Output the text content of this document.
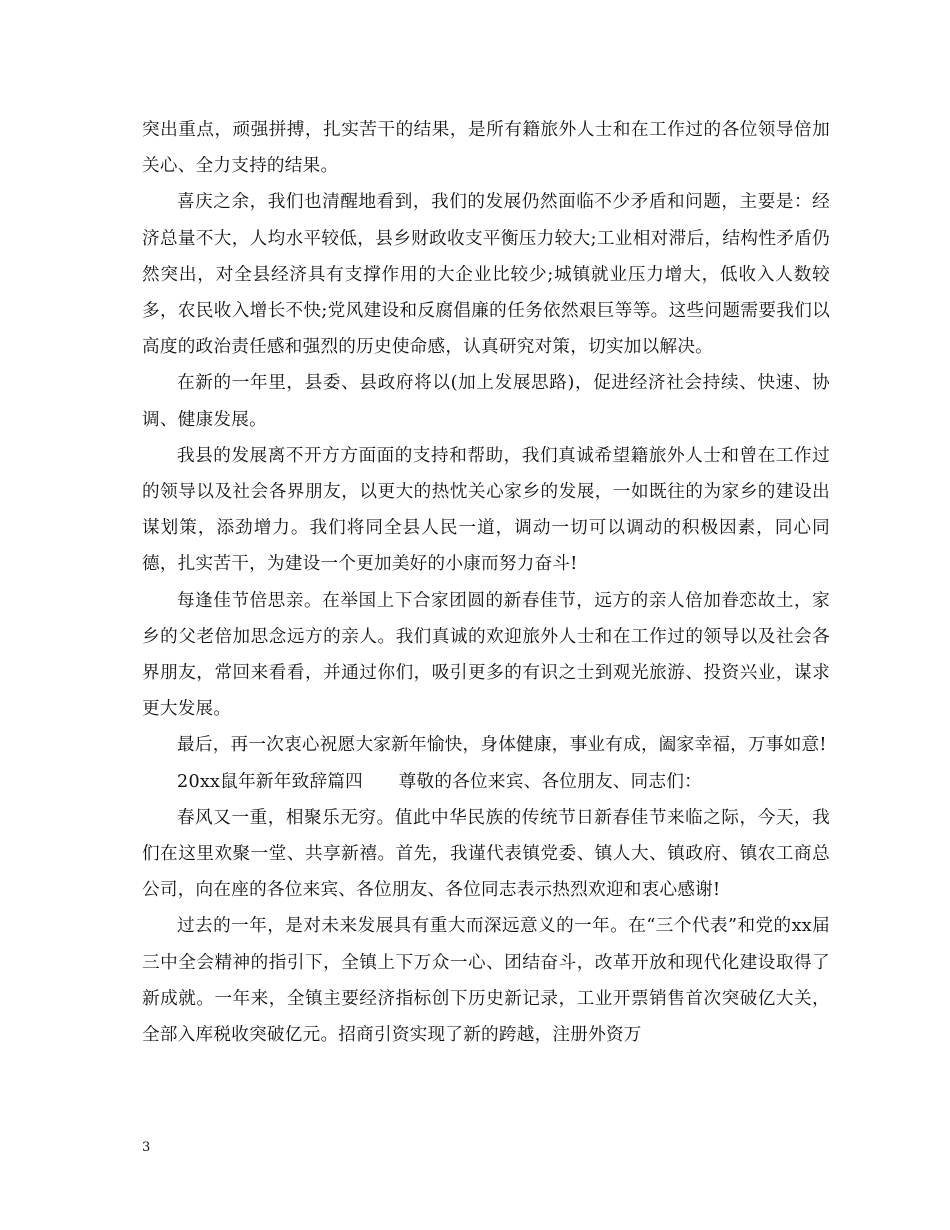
突出重点，顽强拼搏，扎实苦干的结果，是所有籍旅外人士和在工作过的各位领导倍加关心、全力支持的结果。

喜庆之余，我们也清醒地看到，我们的发展仍然面临不少矛盾和问题，主要是：经济总量不大，人均水平较低，县乡财政收支平衡压力较大;工业相对滞后，结构性矛盾仍然突出，对全县经济具有支撑作用的大企业比较少;城镇就业压力增大，低收入人数较多，农民收入增长不快;党风建设和反腐倡廉的任务依然艰巨等等。这些问题需要我们以高度的政治责任感和强烈的历史使命感，认真研究对策，切实加以解决。

在新的一年里，县委、县政府将以(加上发展思路)，促进经济社会持续、快速、协调、健康发展。

我县的发展离不开方方面面的支持和帮助，我们真诚希望籍旅外人士和曾在工作过的领导以及社会各界朋友，以更大的热忱关心家乡的发展，一如既往的为家乡的建设出谋划策，添劲增力。我们将同全县人民一道，调动一切可以调动的积极因素，同心同德，扎实苦干，为建设一个更加美好的小康而努力奋斗!

每逢佳节倍思亲。在举国上下合家团圆的新春佳节，远方的亲人倍加眷恋故土，家乡的父老倍加思念远方的亲人。我们真诚的欢迎旅外人士和在工作过的领导以及社会各界朋友，常回来看看，并通过你们，吸引更多的有识之士到观光旅游、投资兴业，谋求更大发展。

最后，再一次衷心祝愿大家新年愉快，身体健康，事业有成，阖家幸福，万事如意!

20xx鼠年新年致辞篇四　　尊敬的各位来宾、各位朋友、同志们：

春风又一重，相聚乐无穷。值此中华民族的传统节日新春佳节来临之际，今天，我们在这里欢聚一堂、共享新禧。首先，我谨代表镇党委、镇人大、镇政府、镇农工商总公司，向在座的各位来宾、各位朋友、各位同志表示热烈欢迎和衷心感谢!

过去的一年，是对未来发展具有重大而深远意义的一年。在“三个代表”和党的xx届三中全会精神的指引下，全镇上下万众一心、团结奋斗，改革开放和现代化建设取得了新成就。一年来，全镇主要经济指标创下历史新记录，工业开票销售首次突破亿大关，全部入库税收突破亿元。招商引资实现了新的跨越，注册外资万

3
